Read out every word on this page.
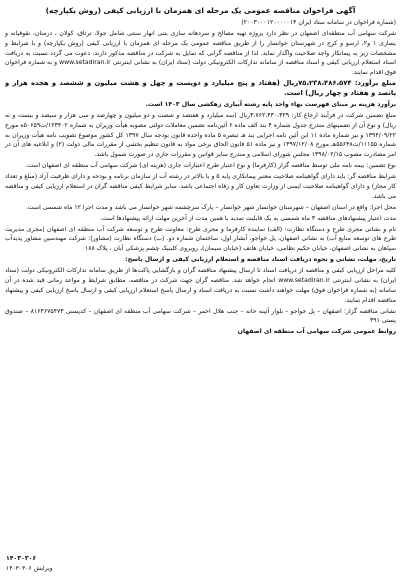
آگهی فراخوان مناقصه عمومی یک مرحله ای همزمان با ارزیابی کیفی (روش یکپارچه)
(شماره فراخوان در سامانه ستاد ایران ۲۰۰۳۰۰۰۱۲۰۰۰۰۰۱۴)
شرکت سهامی آب منطقه‌ای اصفهان در نظر دارد پروژه تهیه مصالح و سردهانه سازی بتنی انهار سنتی شامل جولا، ترتاق، کولان ، درمنان، نقوقیانه و یساری ۱ و۲، ارسو و کرج در شهرستان خوانسار را از طریق مناقصه عمومی یک مرحله ای همزمان با ارزیابی کیفی (روش یکپارچه) و با شرایط و مشخصات زیر به پیمانکار واجد صلاحیت واگذار نماید. لذا از مناقصه گرانی که تمایل به شرکت در مناقصه مذکور دارند، دعوت می گردد نسبت به دریافت اسناد استعلام ارزیابی کیفی و اسناد مناقصه از سامانه تدارکات الکترونیکی دولت (ستاد ایران) به نشانی اینترنتی www.setadiran.ir و به شماره فراخوان فوق اقدام نمایند.
مبلغ برآورد: ۷۵،۲۳۸،۴۸۶،۵۷۴ریال (هفتاد و پنج میلیارد و دویست و چهل و هشت میلیون و ششصد و هجده هزار و پانصد و هفتاد و چهار ریال) است.
برآورد هزینه بر مبنای فهرست بهاء واحد پایه رشته آبیاری زهکشی سال ۱۴۰۳ است.
مبلغ تضمین شرکت در فرآیند ارجاع کار: ۳،۷۶۲،۴۳۰،۳۲۹ریال (سه میلیارد و هفتصد و شصت و دو میلیون و چهارصد و سی هزار و سیصد و بیست و نه ریال) و نوع آن از تضمینهای مندرج جدول شماره ۴ بند الف ماده ۶ آئین‌نامه تضمین معاملات دولتی مصوبه هیأت وزیران به شماره ۱۲۳۴۰۲/ت۵۰۶۵۹ه مورخ ۱۳۹۴/۰۹/۲۲ و نیز شماره ماده ۱۱ این آئین نامه اجرایی بند هـ تبصره ۵ ماده واحده قانون بودجه سال ۱۳۹۷ کل کشور موضوع تصویب نامه هیأت وزیران به شماره ۱۱۱۵۵/ت۵۵۶۴۸هـ مورخ ۱۳۹۷/۱۲/۰۸ و نیز ماده ۵۱ قانون الحاق برخی مواد به قانون تنظیم بخشی از مقررات مالی دولت (۲) و ابلاغیه های آن در امر مصادرت مصوب ۱۳۹۸/۰۲/۱۵ مجلس شورای اسلامی و مندرج سایر قوانین و مقررات جاری در صورت شمول باشد.
نوع تضمین: بیمه نامه ملی توسط مناقصه گزار (کارفرما) و نوع اعتبار طرح اعتبارات جاری (هزینه ای) شرکت سهامی آب منطقه ای اصفهان است.
شرایط مناقصه گر: باید دارای گواهینامه صلاحیت معتبر پیمانکاری پایه ۵ و یا بالاتر در رشته آب از سازمان برنامه و بودجه و دارای ظرفیت آزاد (مبلغ و تعداد کار مجاز) و دارای گواهینامه صلاحیت ایمنی از وزارت تعاون کار و رفاه اجتماعی باشد. سایر شرایط کیفی مناقصه گران در استعلام ارزیابی کیفی و مناقصه می باشد.
محل اجرا: واقع در استان اصفهان – شهرستان خوانسار شهر خوانسار – پارک سرچشمه شهر خوانسار می باشد و مدت اجرا ۱۲ ماه شمسی است.
مدت اعتبار پیشنهادهای مناقصه ۳ ماه شمسی به یک قابلیت تمدید با همین مدت از آخرین مهلت ارائه پیشنهادها است.
نام و نشانی مجری طرح و دستگاه نظارت: (الف) نماینده کارفرما و مجری طرح: معاونت طرح و توسعه شرکت آب منطقه ای اصفهان (مجری مدیریت طرح های توسعه منابع آب) به نشانی اصفهان، پل خواجو، آبشار اول، ساختمان شماره دو. (ب) دستگاه نظارت (مشاور): شرکت مهندسین مشاور پدیدآب سپاهان به نشانی اصفهان، خیابان حکیم نظامی، خیابان هاتف (خیابان سیمان)، روبروی کلینیک چشم پزشکی آیان ، پلاک ۱۸۸
تاریخ، مهلت، نشانی و نحوه دریافت اسناد مناقصه و استعلام ارزیابی کیفی و ارسال پاسخ:
کلیه مراحل ارزیابی کیفی و مناقصه از دریافت اسناد تا ارسال پیشنهاد مناقصه گران و بازگشایی پاکت‌ها از طریق سامانه تدارکات الکترونیکی دولت (ستاد ایران) به نشانی اینترنتی www.setadiran.ir انجام خواهد شد. مناقصه گران جهت شرکت در مناقصه، مطابق شرایط و مواعد زمانی قید شده در آن سامانه (به شماره فراخوان فوق) مهلت خواهند داشت نسبت به دریافت اسناد و ارسال پاسخ استعلام ارزیابی کیفی و ارسال پاسخ ارزیابی کیفی و پیشنهاد مناقصه اقدام نمایند.
نشانی مناقصه گزار: اصفهان – پل خواجو – بلوار آئینه خانه – جنب هلال احمر – شرکت سهامی آب منطقه ای اصفهان – کدپستی ۸۱۶۴۶۷۵۴۷۳ – صندوق پستی ۳۹۱
روابط عمومی شرکت سهامی آب منطقه ای اصفهان
۱۴۰۳۰۳۰۶
ویرایش ۱۴۰۳۰۳۰۶
